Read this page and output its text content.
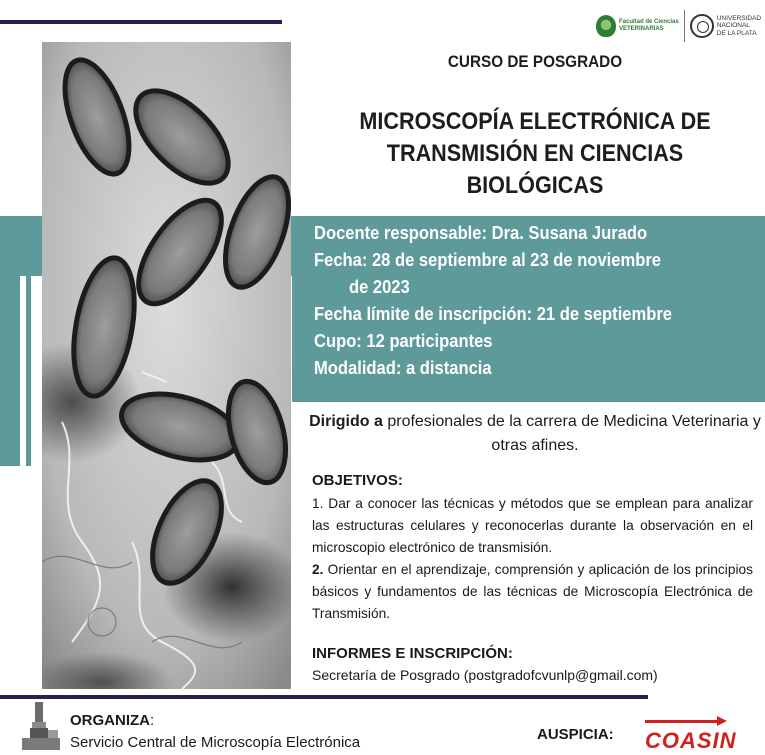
Facultad de Ciencias
VETERINARIAS
UNIVERSIDAD
NACIONAL
DE LA PLATA
CURSO DE POSGRADO
MICROSCOPÍA ELECTRÓNICA DE TRANSMISIÓN EN CIENCIAS BIOLÓGICAS
Docente responsable: Dra. Susana Jurado
Fecha: 28 de septiembre al 23 de noviembre
de 2023
Fecha límite de inscripción: 21 de septiembre
Cupo: 12 participantes
Modalidad: a distancia
Dirigido a profesionales de la carrera de Medicina Veterinaria y otras afines.
OBJETIVOS:

1. Dar a conocer las técnicas y métodos que se emplean para analizar las estructuras celulares y reconocerlas durante la observación en el microscopio electrónico de transmisión.

2. Orientar en el aprendizaje, comprensión y aplicación de los principios básicos y fundamentos de las técnicas de Microscopía Electrónica de Transmisión.

INFORMES E INSCRIPCIÓN:
Secretaría de Posgrado (postgradofcvunlp@gmail.com)
ORGANIZA:
Servicio Central de Microscopía Electrónica	AUSPICIA: COASIN
